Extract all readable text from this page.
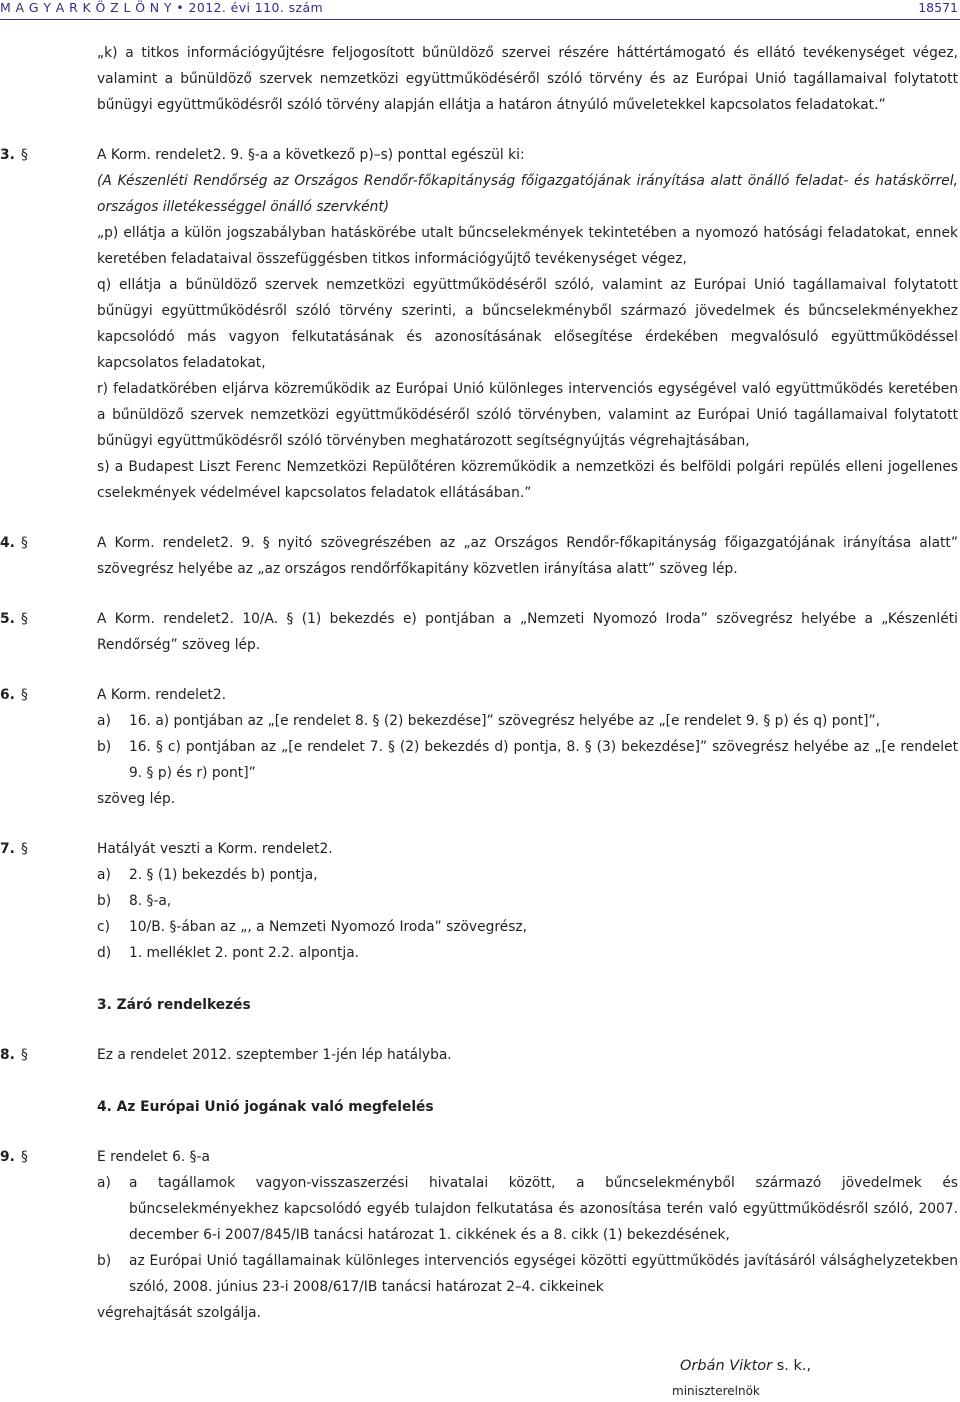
M A G Y A R K Ö Z L Ö N Y • 2012. évi 110. szám	18571
„k) a titkos információgyűjtésre feljogosított bűnüldöző szervei részére háttértámogató és ellátó tevékenységet végez, valamint a bűnüldöző szervek nemzetközi együttműködéséről szóló törvény és az Európai Unió tagállamaival folytatott bűnügyi együttműködésről szóló törvény alapján ellátja a határon átnyúló műveletekkel kapcsolatos feladatokat.”
3. §	A Korm. rendelet2. 9. §-a a következő p)–s) ponttal egészül ki:
(A Készenléti Rendőrség az Országos Rendőr-főkapitányság főigazgatójának irányítása alatt önálló feladat- és hatáskörrel, országos illetékességgel önálló szervként)
„p) ellátja a külön jogszabályban hatáskörébe utalt bűncselekmények tekintetében a nyomozó hatósági feladatokat, ennek keretében feladataival összefüggésben titkos információgyűjtő tevékenységet végez,
q) ellátja a bűnüldöző szervek nemzetközi együttműködéséről szóló, valamint az Európai Unió tagállamaival folytatott bűnügyi együttműködésről szóló törvény szerinti, a bűncselekményből származó jövedelmek és bűncselekményekhez kapcsolódó más vagyon felkutatásának és azonosításának elősegítése érdekében megvalósuló együttműködéssel kapcsolatos feladatokat,
r) feladatkörében eljárva közreműködik az Európai Unió különleges intervenciós egységével való együttműködés keretében a bűnüldöző szervek nemzetközi együttműködéséről szóló törvényben, valamint az Európai Unió tagállamaival folytatott bűnügyi együttműködésről szóló törvényben meghatározott segítségnyújtás végrehajtásában,
s) a Budapest Liszt Ferenc Nemzetközi Repülőtéren közreműködik a nemzetközi és belföldi polgári repülés elleni jogellenes cselekmények védelmével kapcsolatos feladatok ellátásában.”
4. §	A Korm. rendelet2. 9. § nyitó szövegrészében az „az Országos Rendőr-főkapitányság főigazgatójának irányítása alatt” szövegrész helyébe az „az országos rendőrfőkapitány közvetlen irányítása alatt” szöveg lép.
5. §	A Korm. rendelet2. 10/A. § (1) bekezdés e) pontjában a „Nemzeti Nyomozó Iroda” szövegrész helyébe a „Készenléti Rendőrség” szöveg lép.
6. §	A Korm. rendelet2.
a) 16. a) pontjában az „[e rendelet 8. § (2) bekezdése]” szövegrész helyébe az „[e rendelet 9. § p) és q) pont]”,
b) 16. § c) pontjában az „[e rendelet 7. § (2) bekezdés d) pontja, 8. § (3) bekezdése]” szövegrész helyébe az „[e rendelet 9. § p) és r) pont]”
szöveg lép.
7. §	Hatályát veszti a Korm. rendelet2.
a) 2. § (1) bekezdés b) pontja,
b) 8. §-a,
c) 10/B. §-ában az „, a Nemzeti Nyomozó Iroda” szövegrész,
d) 1. melléklet 2. pont 2.2. alpontja.
3. Záró rendelkezés
8. §	Ez a rendelet 2012. szeptember 1-jén lép hatályba.
4. Az Európai Unió jogának való megfelelés
9. §	E rendelet 6. §-a
a) a tagállamok vagyon-visszaszerzési hivatalai között, a bűncselekményből származó jövedelmek és bűncselekményekhez kapcsolódó egyéb tulajdon felkutatása és azonosítása terén való együttműködésről szóló, 2007. december 6-i 2007/845/IB tanácsi határozat 1. cikkének és a 8. cikk (1) bekezdésének,
b) az Európai Unió tagállamainak különleges intervenciós egységei közötti együttműködés javításáról válsághelyzetekben szóló, 2008. június 23-i 2008/617/IB tanácsi határozat 2–4. cikkeinek
végrehajtását szolgálja.
Orbán Viktor s. k.,
miniszterelnök
